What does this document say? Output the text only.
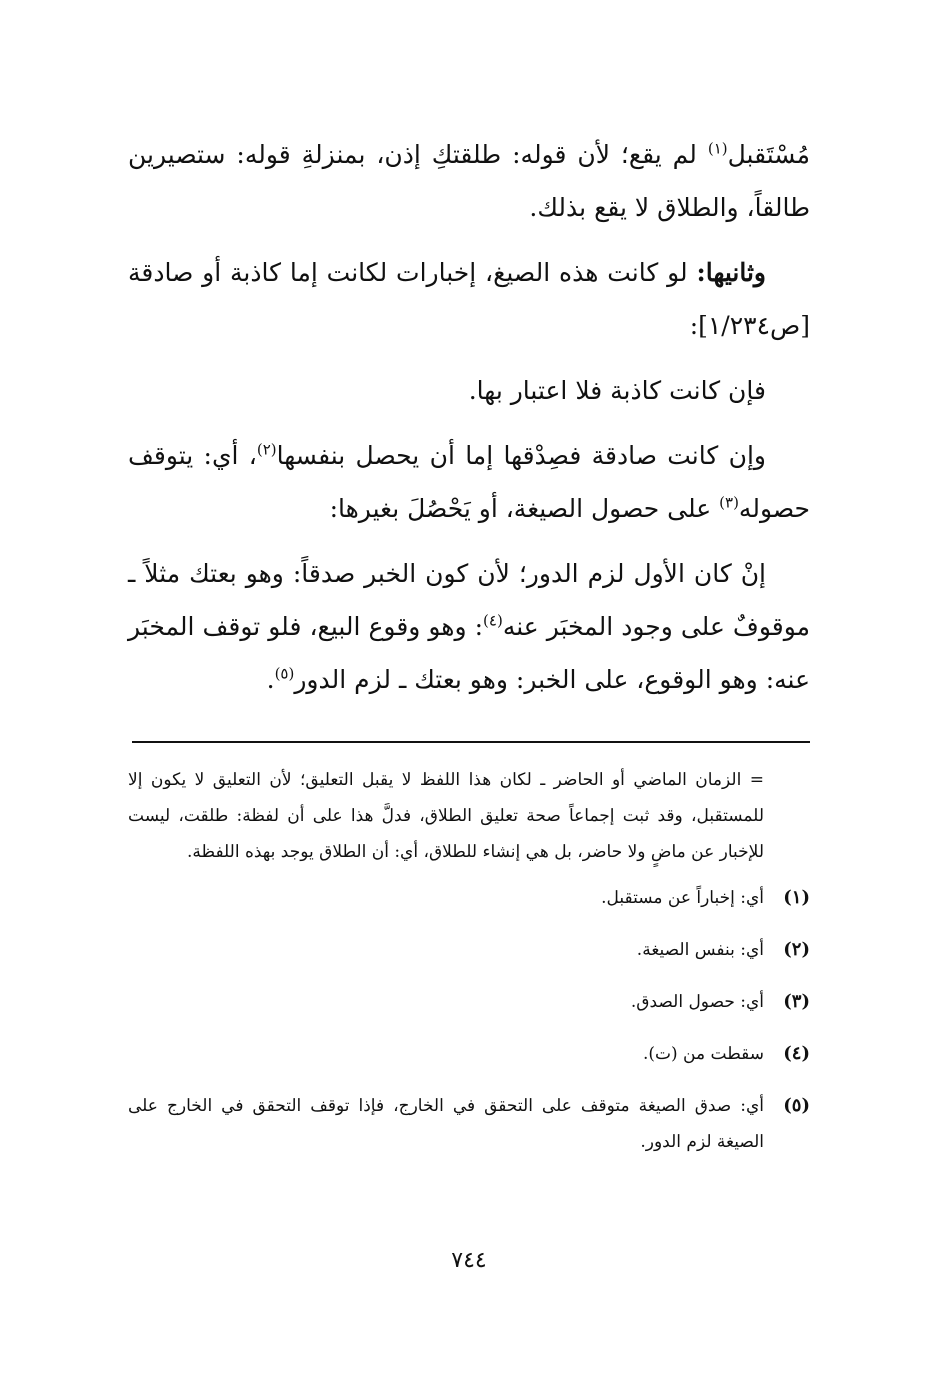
مُسْتَقبل$^{(١)}$ لم يقع؛ لأن قوله: طلقتكِ إذن، بمنزلةِ قوله: ستصيرين طالقاً، والطلاق لا يقع بذلك.

وثانيها: لو كانت هذه الصيغ، إخبارات لكانت إما كاذبة أو صادقة [ص١/٢٣٤]:

فإن كانت كاذبة فلا اعتبار بها.

وإن كانت صادقة فصِدْقها إما أن يحصل بنفسها$^{(٢)}$، أي: يتوقف حصوله$^{(٣)}$ على حصول الصيغة، أو يَحْصُلَ بغيرها:

إنْ كان الأول لزم الدور؛ لأن كون الخبر صدقاً: وهو بعتك مثلاً ـ موقوفٌ على وجود المخبَر عنه$^{(٤)}$: وهو وقوع البيع، فلو توقف المخبَر عنه: وهو الوقوع، على الخبر: وهو بعتك ـ لزم الدور$^{(٥)}$.

= الزمان الماضي أو الحاضر ـ لكان هذا اللفظ لا يقبل التعليق؛ لأن التعليق لا يكون إلا للمستقبل، وقد ثبت إجماعاً صحة تعليق الطلاق، فدلَّ هذا على أن لفظة: طلقت، ليست للإخبار عن ماضٍ ولا حاضر، بل هي إنشاء للطلاق، أي: أن الطلاق يوجد بهذه اللفظة.

(١)
أي: إخباراً عن مستقبل.
(٢)
أي: بنفس الصيغة.
(٣)
أي: حصول الصدق.
(٤)
سقطت من (ت).
(٥)
أي: صدق الصيغة متوقف على التحقق في الخارج، فإذا توقف التحقق في الخارج على الصيغة لزم الدور.
٧٤٤
